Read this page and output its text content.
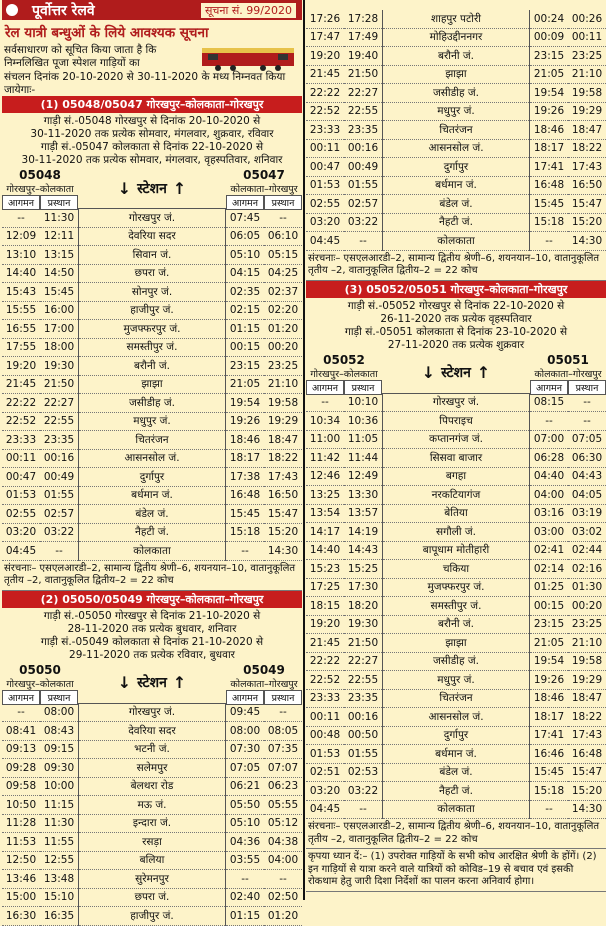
पूर्वोत्तर रेलवे	सूचना सं. 99/2020
रेल यात्री बन्धुओं के लिये आवश्यक सूचना
सर्वसाधारण को सूचित किया जाता है कि निम्नलिखित पूजा स्पेशल गाड़ियों का
संचलन दिनांक 20-10-2020 से 30-11-2020 के मध्य निम्नवत किया जायेगाः-
(1) 05048/05047 गोरखपुर–कोलकाता–गोरखपुर
गाड़ी सं.-05048 गोरखपुर से दिनांक 20-10-2020 से
30-11-2020 तक प्रत्येक सोमवार, मंगलवार, शुक्रवार, रविवार
गाड़ी सं.-05047 कोलकाता से दिनांक 22-10-2020 से
30-11-2020 तक प्रत्येक सोमवार, मंगलवार, वृहस्पतिवार, शनिवार
05048
गोरखपुर–कोलकाता
आगमन	प्रस्थान
↓ स्टेशन ↑
05047
कोलकाता–गोरखपुर
आगमन	प्रस्थान
--	11:30	गोरखपुर जं.	07:45	--
12:09	12:11	देवरिया सदर	06:05	06:10
13:10	13:15	सिवान जं.	05:10	05:15
14:40	14:50	छपरा जं.	04:15	04:25
15:43	15:45	सोनपुर जं.	02:35	02:37
15:55	16:00	हाजीपुर जं.	02:15	02:20
16:55	17:00	मुजफ्फरपुर जं.	01:15	01:20
17:55	18:00	समस्तीपुर जं.	00:15	00:20
19:20	19:30	बरौनी जं.	23:15	23:25
21:45	21:50	झाझा	21:05	21:10
22:22	22:27	जसीडीह जं.	19:54	19:58
22:52	22:55	मधुपुर जं.	19:26	19:29
23:33	23:35	चितरंजन	18:46	18:47
00:11	00:16	आसनसोल जं.	18:17	18:22
00:47	00:49	दुर्गापुर	17:38	17:43
01:53	01:55	बर्धमान जं.	16:48	16:50
02:55	02:57	बंडेल जं.	15:45	15:47
03:20	03:22	नैहटी जं.	15:18	15:20
04:45	--	कोलकाता	--	14:30
संरचनाः– एसएलआरडी–2, सामान्य द्वितीय श्रेणी–6, शयनयान–10, वातानुकूलित तृतीय –2, वातानुकूलित द्वितीय–2 = 22 कोच
(2) 05050/05049 गोरखपुर–कोलकाता–गोरखपुर
गाड़ी सं.-05050 गोरखपुर से दिनांक 21-10-2020 से
28-11-2020 तक प्रत्येक बुधवार, शनिवार
गाड़ी सं.-05049 कोलकाता से दिनांक 21-10-2020 से
29-11-2020 तक प्रत्येक रविवार, बुधवार
05050
गोरखपुर–कोलकाता
आगमन	प्रस्थान
↓ स्टेशन ↑
05049
कोलकाता–गोरखपुर
आगमन	प्रस्थान
--	08:00	गोरखपुर जं.	09:45	--
08:41	08:43	देवरिया सदर	08:00	08:05
09:13	09:15	भटनी जं.	07:30	07:35
09:28	09:30	सलेमपुर	07:05	07:07
09:58	10:00	बेलथरा रोड	06:21	06:23
10:50	11:15	मऊ जं.	05:50	05:55
11:28	11:30	इन्दारा जं.	05:10	05:12
11:53	11:55	रसड़ा	04:36	04:38
12:50	12:55	बलिया	03:55	04:00
13:46	13:48	सुरेमनपुर	--	--
15:00	15:10	छपरा जं.	02:40	02:50
16:30	16:35	हाजीपुर जं.	01:15	01:20
17:26	17:28	शाहपुर पटोरी	00:24	00:26
17:47	17:49	मोहिउद्दीननगर	00:09	00:11
19:20	19:40	बरौनी जं.	23:15	23:25
21:45	21:50	झाझा	21:05	21:10
22:22	22:27	जसीडीह जं.	19:54	19:58
22:52	22:55	मधुपुर जं.	19:26	19:29
23:33	23:35	चितरंजन	18:46	18:47
00:11	00:16	आसनसोल जं.	18:17	18:22
00:47	00:49	दुर्गापुर	17:41	17:43
01:53	01:55	बर्धमान जं.	16:48	16:50
02:55	02:57	बंडेल जं.	15:45	15:47
03:20	03:22	नैहटी जं.	15:18	15:20
04:45	--	कोलकाता	--	14:30
संरचनाः– एसएलआरडी–2, सामान्य द्वितीय श्रेणी–6, शयनयान–10, वातानुकूलित तृतीय –2, वातानुकूलित द्वितीय–2 = 22 कोच
(3) 05052/05051 गोरखपुर–कोलकाता–गोरखपुर
गाड़ी सं.-05052 गोरखपुर से दिनांक 22-10-2020 से
26-11-2020 तक प्रत्येक वृहस्पतिवार
गाड़ी सं.-05051 कोलकाता से दिनांक 23-10-2020 से
27-11-2020 तक प्रत्येक शुक्रवार
05052
गोरखपुर–कोलकाता
आगमन	प्रस्थान
↓ स्टेशन ↑
05051
कोलकाता–गोरखपुर
आगमन	प्रस्थान
--	10:10	गोरखपुर जं.	08:15	--
10:34	10:36	पिपराइच	--	--
11:00	11:05	कप्तानगंज जं.	07:00	07:05
11:42	11:44	सिसवा बाजार	06:28	06:30
12:46	12:49	बगहा	04:40	04:43
13:25	13:30	नरकटियागंज	04:00	04:05
13:54	13:57	बेतिया	03:16	03:19
14:17	14:19	सगौली जं.	03:00	03:02
14:40	14:43	बापूधाम मोतीहारी	02:41	02:44
15:23	15:25	चकिया	02:14	02:16
17:25	17:30	मुजफ्फरपुर जं.	01:25	01:30
18:15	18:20	समस्तीपुर जं.	00:15	00:20
19:20	19:30	बरौनी जं.	23:15	23:25
21:45	21:50	झाझा	21:05	21:10
22:22	22:27	जसीडीह जं.	19:54	19:58
22:52	22:55	मधुपुर जं.	19:26	19:29
23:33	23:35	चितरंजन	18:46	18:47
00:11	00:16	आसनसोल जं.	18:17	18:22
00:48	00:50	दुर्गापुर	17:41	17:43
01:53	01:55	बर्धमान जं.	16:46	16:48
02:51	02:53	बंडेल जं.	15:45	15:47
03:20	03:22	नैहटी जं.	15:18	15:20
04:45	--	कोलकाता	--	14:30
संरचनाः– एसएलआरडी–2, सामान्य द्वितीय श्रेणी–6, शयनयान–10, वातानुकूलित तृतीय –2, वातानुकूलित द्वितीय–2 = 22 कोच
कृपया ध्यान दें:– (1) उपरोक्त गाड़ियों के सभी कोच आरक्षित श्रेणी के होंगें। (2) इन गाड़ियों से यात्रा करने वाले यात्रियों को कोविड–19 से बचाव एवं इसकी रोकथाम हेतु जारी दिशा निर्देशों का पालन करना अनिवार्य होगा।
